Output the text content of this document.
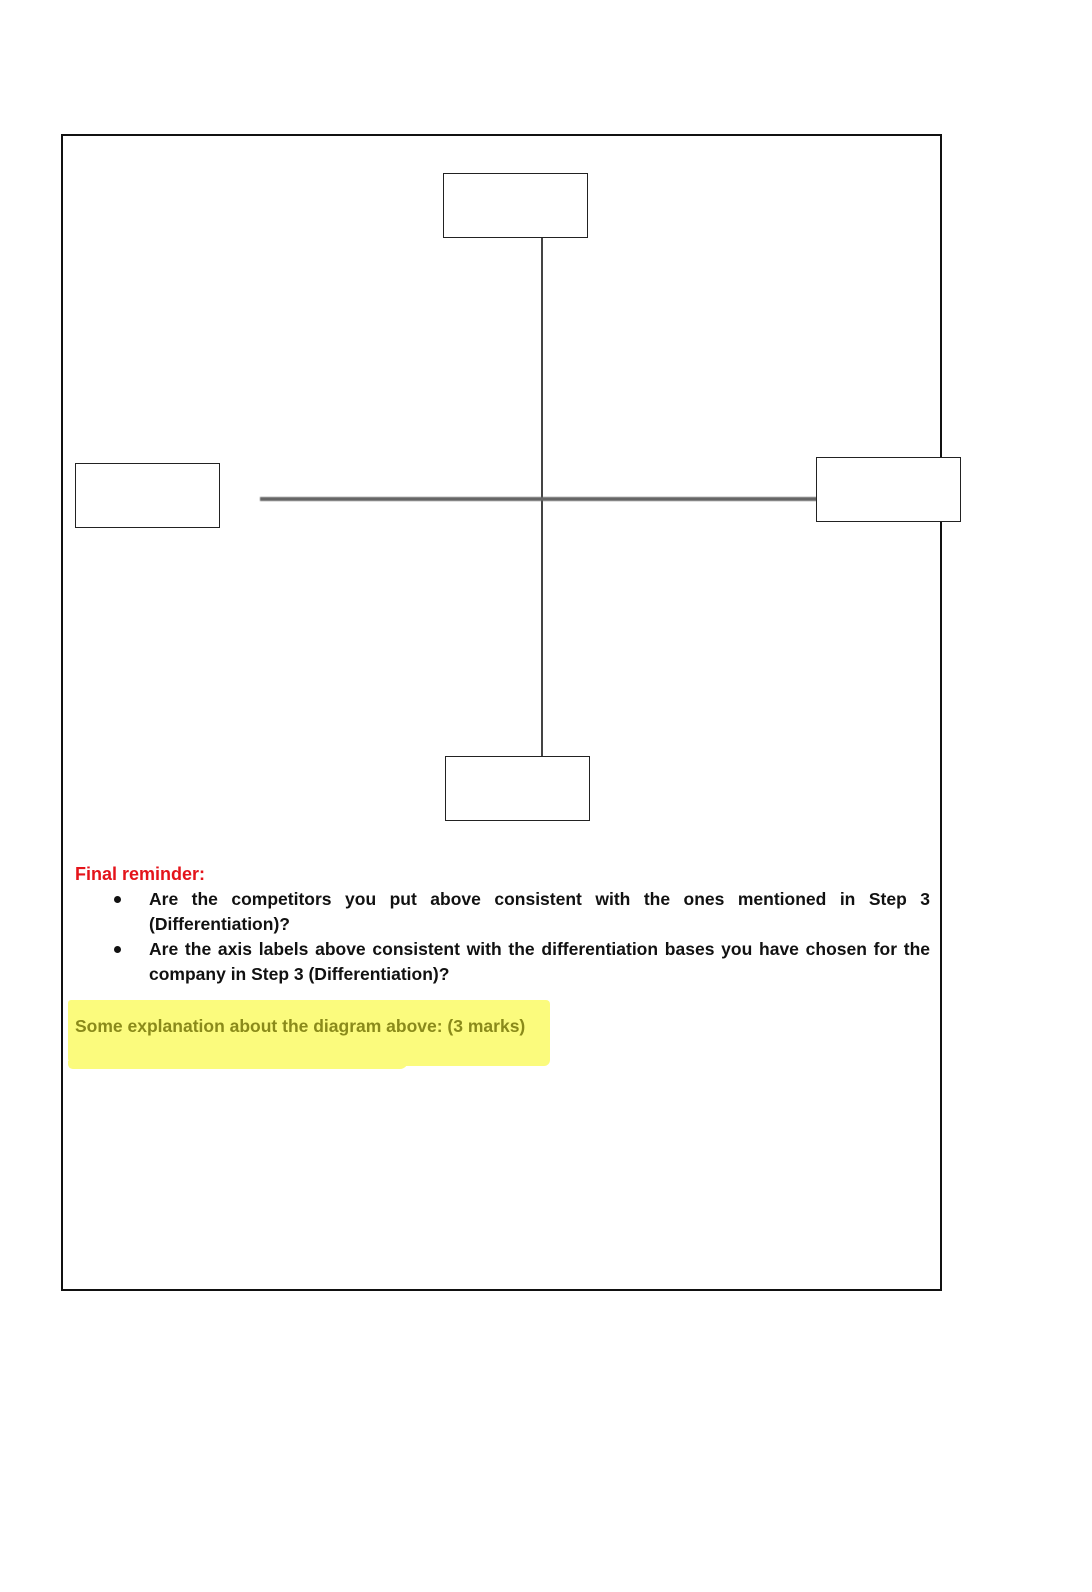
Final reminder:

Are the competitors you put above consistent with the ones mentioned in Step 3 (Differentiation)?
Are the axis labels above consistent with the differentiation bases you have chosen for the company in Step 3 (Differentiation)?

Some explanation about the diagram above: (3 marks)
